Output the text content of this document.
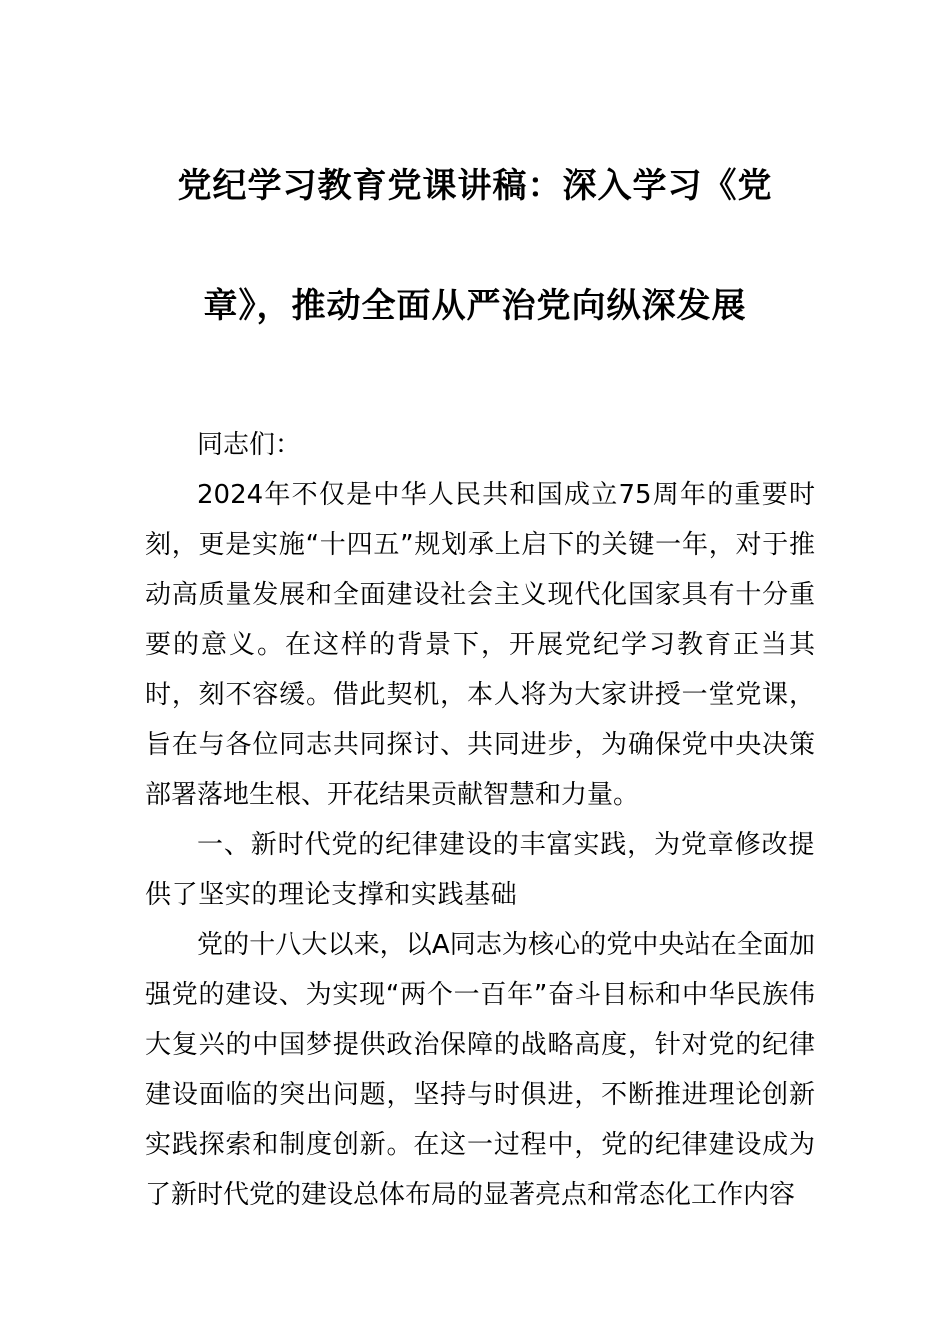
党纪学习教育党课讲稿：深入学习《党
章》，推动全面从严治党向纵深发展

同志们：

2024年不仅是中华人民共和国成立75周年的重要时刻，更是实施“十四五”规划承上启下的关键一年，对于推动高质量发展和全面建设社会主义现代化国家具有十分重要的意义。在这样的背景下，开展党纪学习教育正当其时，刻不容缓。借此契机，本人将为大家讲授一堂党课，旨在与各位同志共同探讨、共同进步，为确保党中央决策部署落地生根、开花结果贡献智慧和力量。

一、新时代党的纪律建设的丰富实践，为党章修改提供了坚实的理论支撑和实践基础

党的十八大以来，以A同志为核心的党中央站在全面加强党的建设、为实现“两个一百年”奋斗目标和中华民族伟大复兴的中国梦提供政治保障的战略高度，针对党的纪律建设面临的突出问题，坚持与时俱进，不断推进理论创新实践探索和制度创新。在这一过程中，党的纪律建设成为了新时代党的建设总体布局的显著亮点和常态化工作内容
